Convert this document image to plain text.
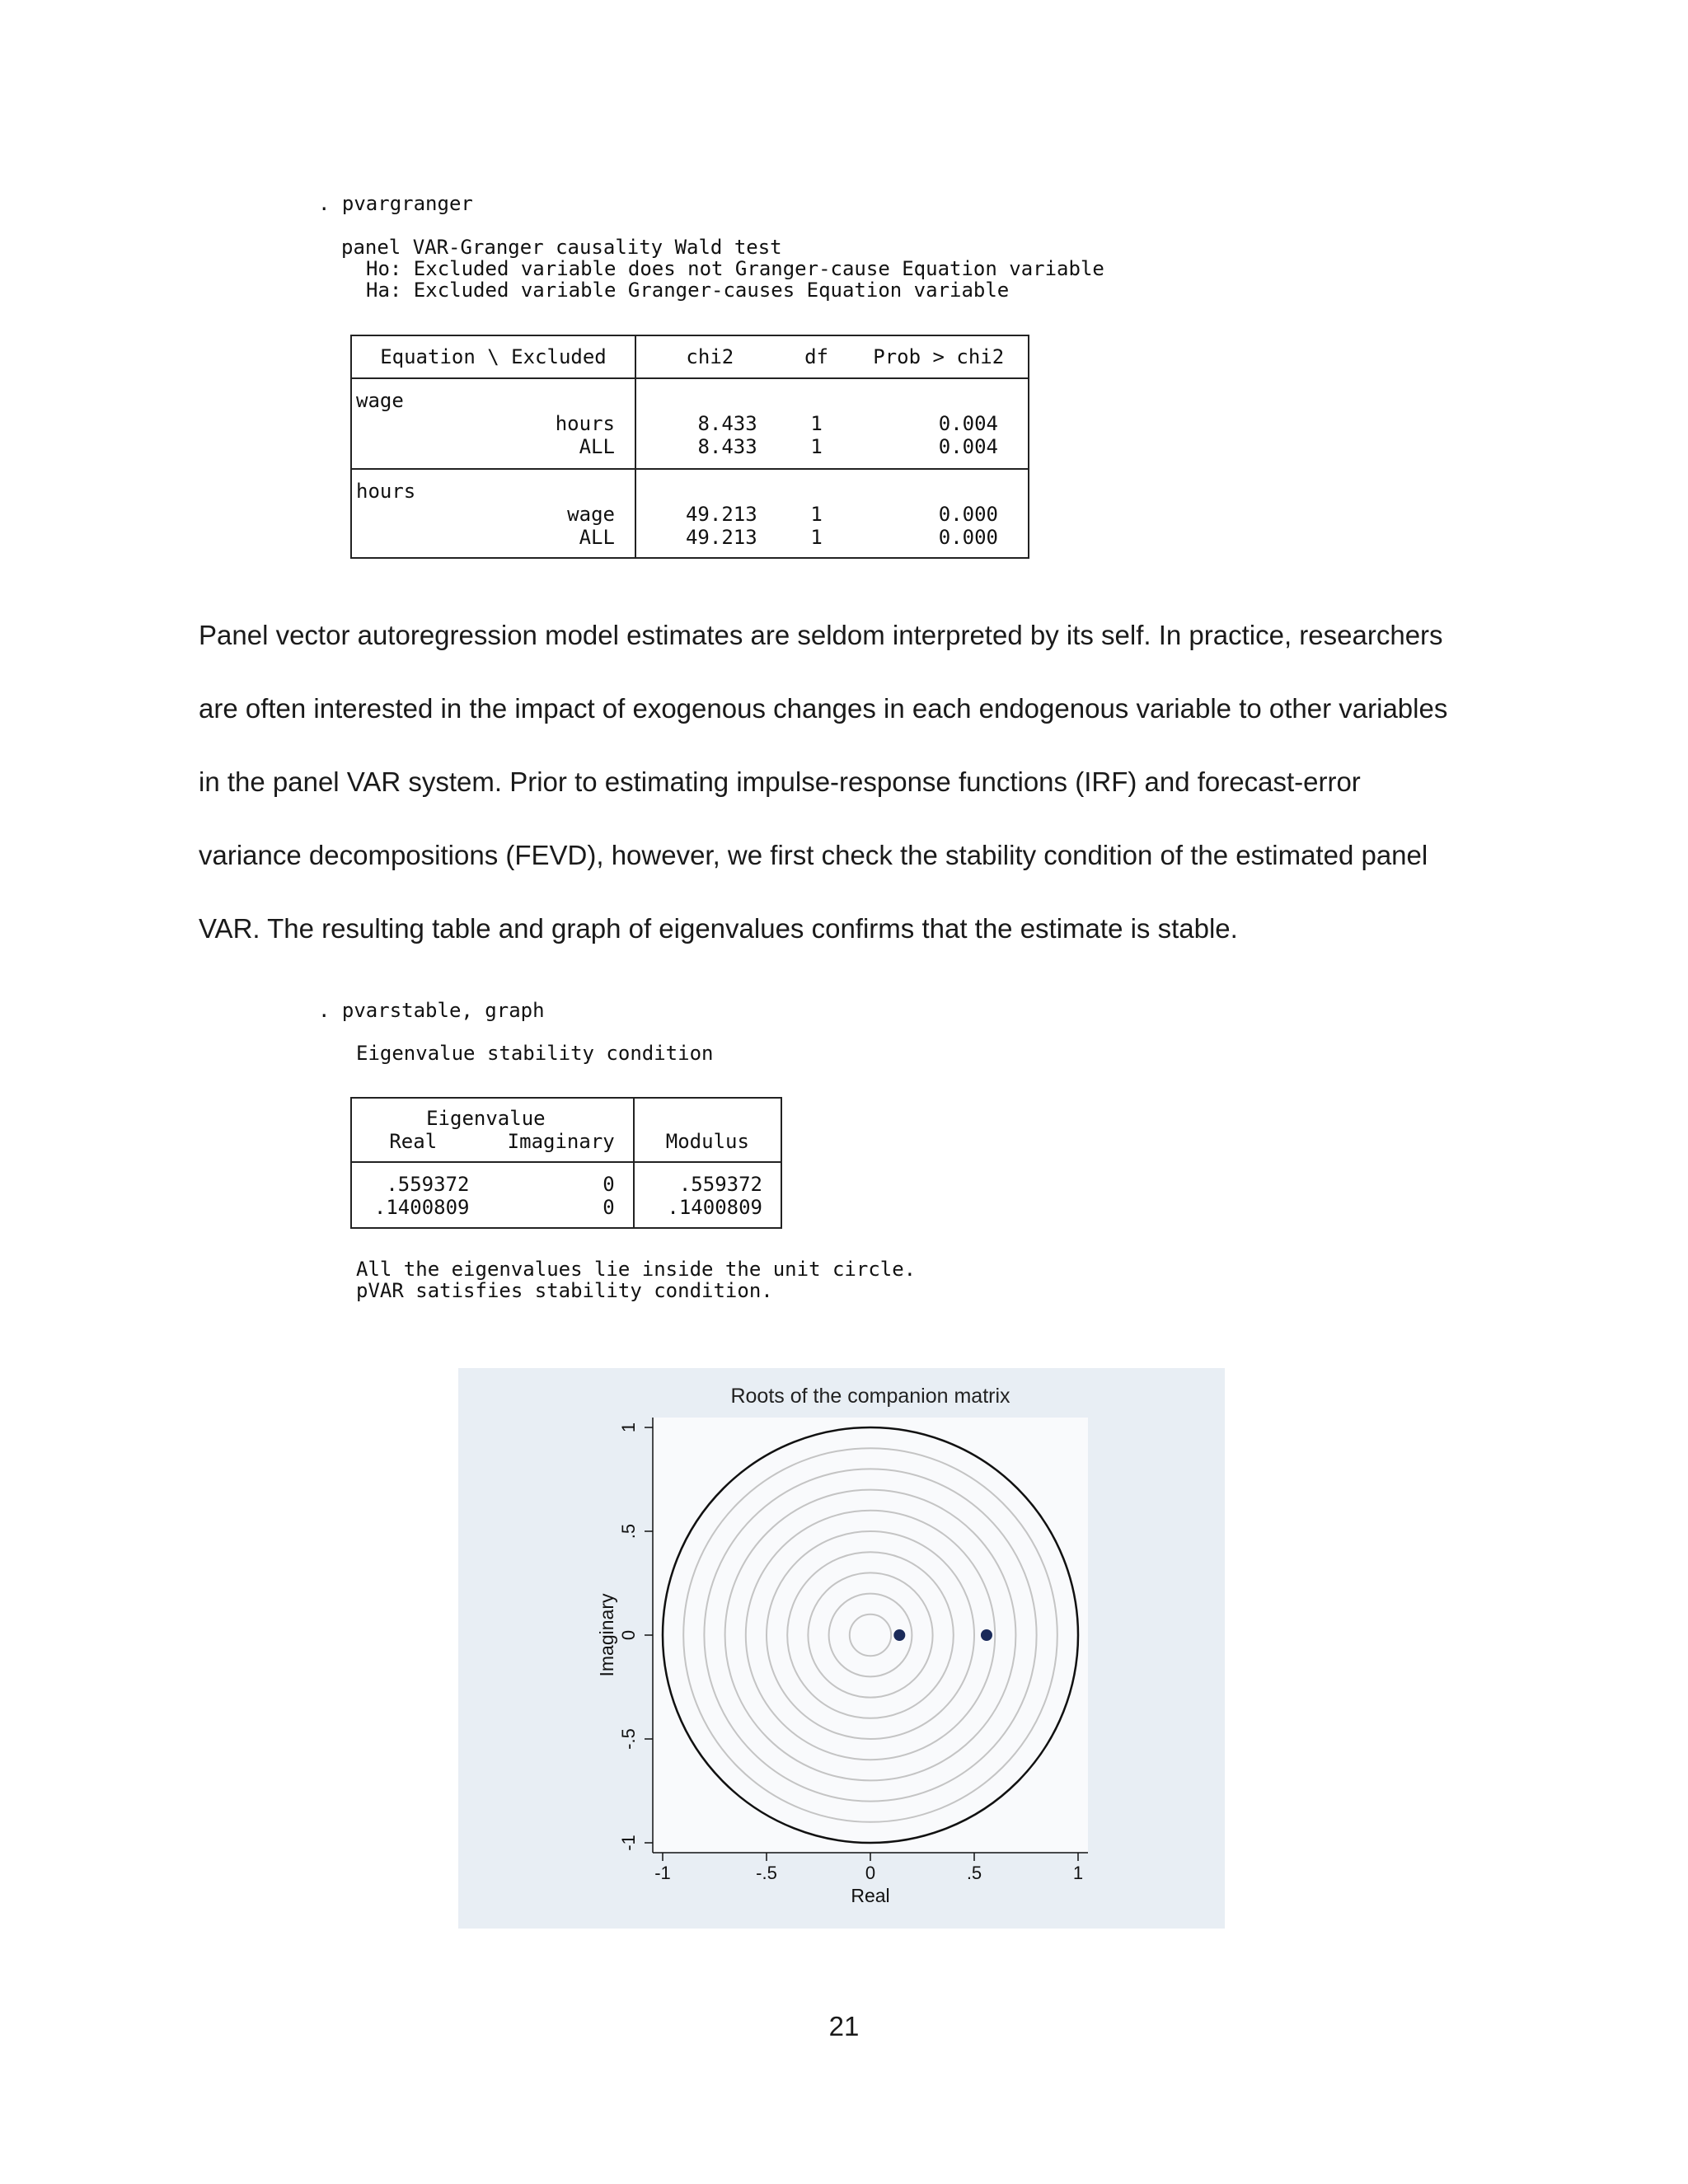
. pvargranger
panel VAR-Granger causality Wald test
Ho: Excluded variable does not Granger-cause Equation variable
Ha: Excluded variable Granger-causes Equation variable
Equation \ Excluded	chi2	df	Prob > chi2
wage			
hours	8.433	1	0.004
ALL	8.433	1	0.004
hours			
wage	49.213	1	0.000
ALL	49.213	1	0.000
Panel vector autoregression model estimates are seldom interpreted by its self. In practice, researchers
are often interested in the impact of exogenous changes in each endogenous variable to other variables
in the panel VAR system. Prior to estimating impulse-response functions (IRF) and forecast-error
variance decompositions (FEVD), however, we first check the stability condition of the estimated panel
VAR. The resulting table and graph of eigenvalues confirms that the estimate is stable.
. pvarstable, graph
Eigenvalue stability condition
Eigenvalue		
Real	Imaginary	Modulus
.559372	0	.559372
.1400809	0	.1400809
All the eigenvalues lie inside the unit circle.
pVAR satisfies stability condition.
-1	-.5	0	.5	1
-1
-.5
0
.5
1
Roots of the companion matrix
Real
Imaginary
21
